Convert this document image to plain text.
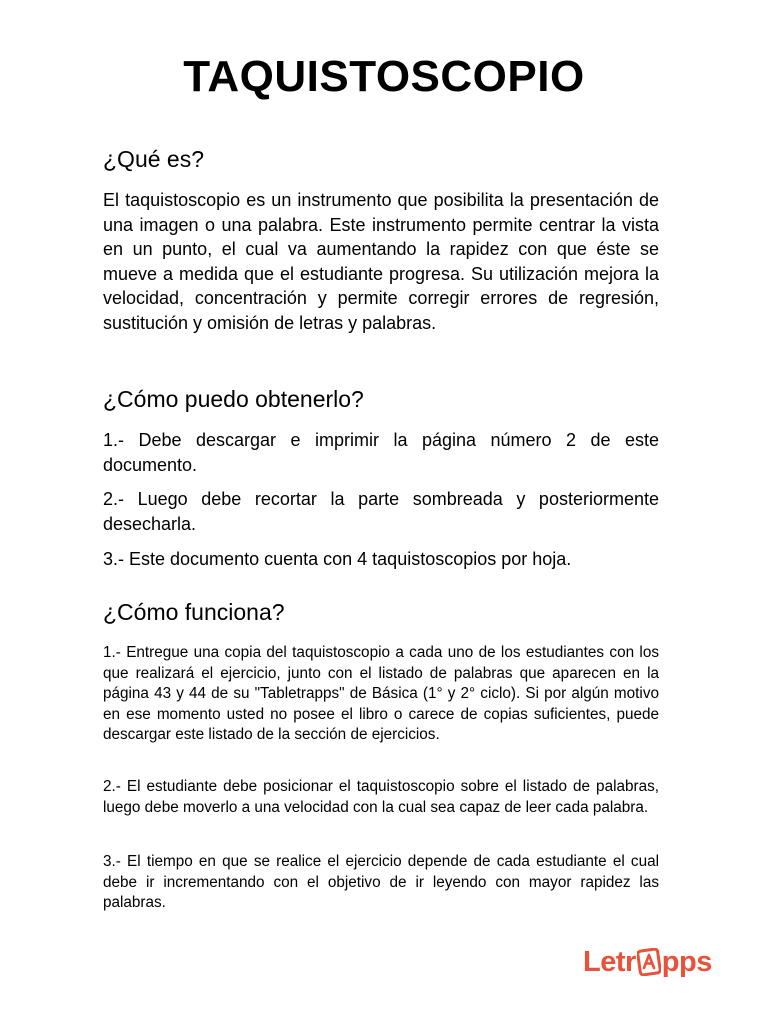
TAQUISTOSCOPIO
¿Qué es?

El taquistoscopio es un instrumento que posibilita la presentación de una imagen o una palabra. Este instrumento permite centrar la vista en un punto, el cual va aumentando la rapidez con que éste se mueve a medida que el estudiante progresa. Su utilización mejora la velocidad, concentración y permite corregir errores de regresión, sustitución y omisión de letras y palabras.

¿Cómo puedo obtenerlo?

1.- Debe descargar e imprimir la página número 2 de este documento.

2.- Luego debe recortar la parte sombreada y posteriormente desecharla.

3.- Este documento cuenta con 4 taquistoscopios por hoja.

¿Cómo funciona?

1.- Entregue una copia del taquistoscopio a cada uno de los estudiantes con los que realizará el ejercicio, junto con el listado de palabras que aparecen en la página 43 y 44 de su "Tabletrapps" de Básica (1° y 2° ciclo). Si por algún motivo en ese momento usted no posee el libro o carece de copias suficientes, puede descargar este listado de la sección de ejercicios.

2.- El estudiante debe posicionar el taquistoscopio sobre el listado de palabras, luego debe moverlo a una velocidad con la cual sea capaz de leer cada palabra.

3.- El tiempo en que se realice el ejercicio depende de cada estudiante el cual debe ir incrementando con el objetivo de ir leyendo con mayor rapidez las palabras.

Letr pps
